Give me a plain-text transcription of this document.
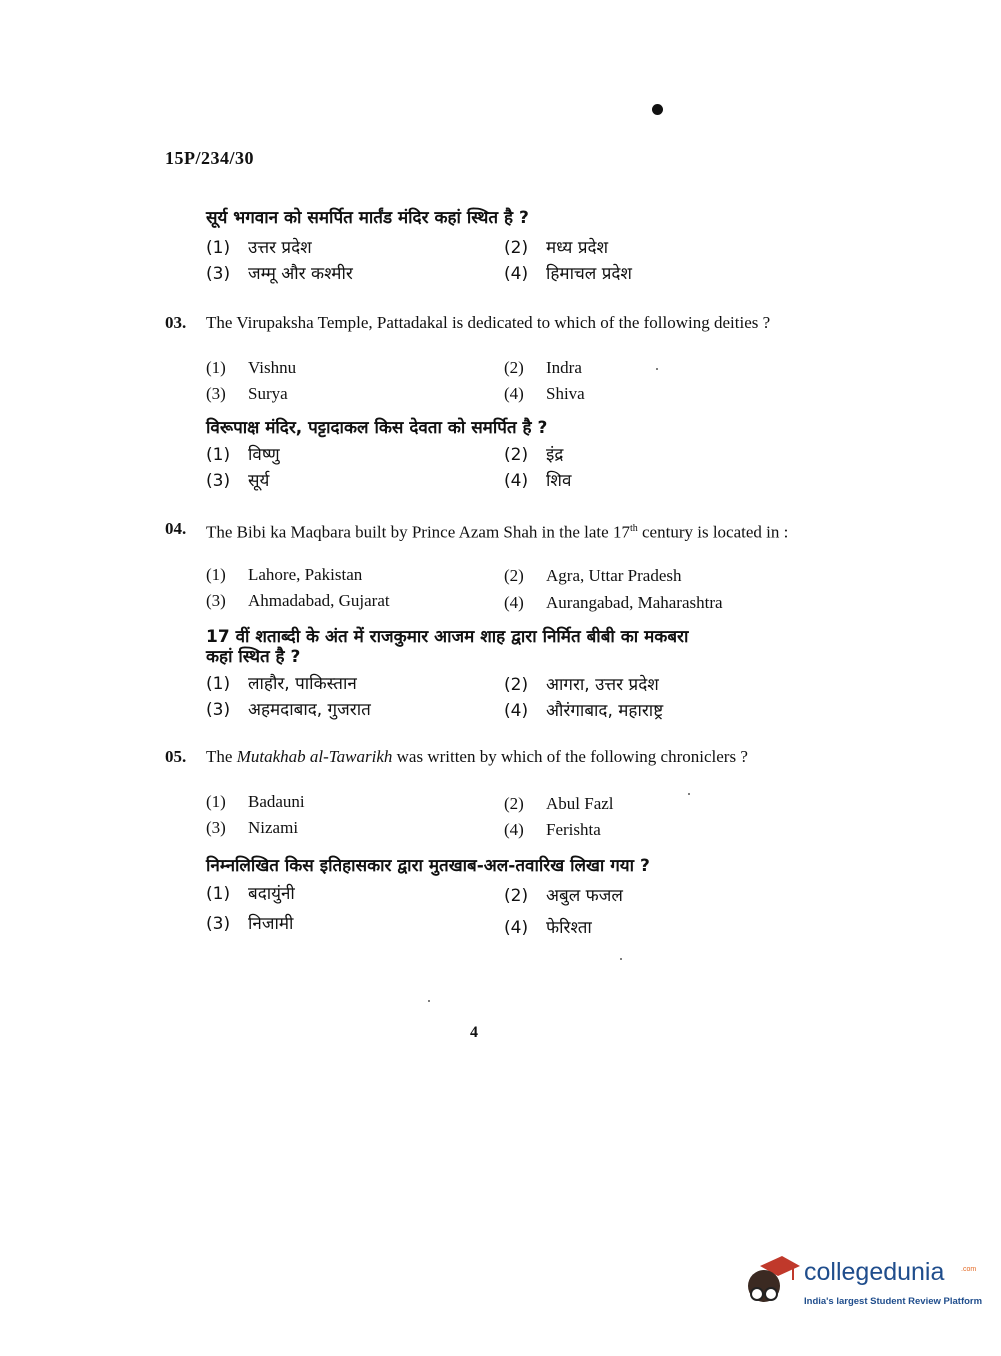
15P/234/30
सूर्य भगवान को समर्पित मार्तंड मंदिर कहां स्थित है ?
(1) उत्तर प्रदेश	(2) मध्य प्रदेश
(3) जम्मू और कश्मीर	(4) हिमाचल प्रदेश
03. The Virupaksha Temple, Pattadakal is dedicated to which of the following deities ?
(1) Vishnu	(2) Indra
(3) Surya	(4) Shiva
विरूपाक्ष मंदिर, पट्टादाकल किस देवता को समर्पित है ?
(1) विष्णु	(2) इंद्र
(3) सूर्य	(4) शिव
04. The Bibi ka Maqbara built by Prince Azam Shah in the late 17th century is located in :
(1) Lahore, Pakistan	(2) Agra, Uttar Pradesh
(3) Ahmadabad, Gujarat	(4) Aurangabad, Maharashtra
17 वीं शताब्दी के अंत में राजकुमार आजम शाह द्वारा निर्मित बीबी का मकबरा
कहां स्थित है ?
(1) लाहौर, पाकिस्तान	(2) आगरा, उत्तर प्रदेश
(3) अहमदाबाद, गुजरात	(4) औरंगाबाद, महाराष्ट्र
05. The Mutakhab al-Tawarikh was written by which of the following chroniclers ?
(1) Badauni	(2) Abul Fazl
(3) Nizami	(4) Ferishta
निम्नलिखित किस इतिहासकार द्वारा मुतखाब-अल-तवारिख लिखा गया ?
(1) बदायुंनी	(2) अबुल फजल
(3) निजामी	(4) फेरिश्ता
4
collegedunia .com
India's largest Student Review Platform
